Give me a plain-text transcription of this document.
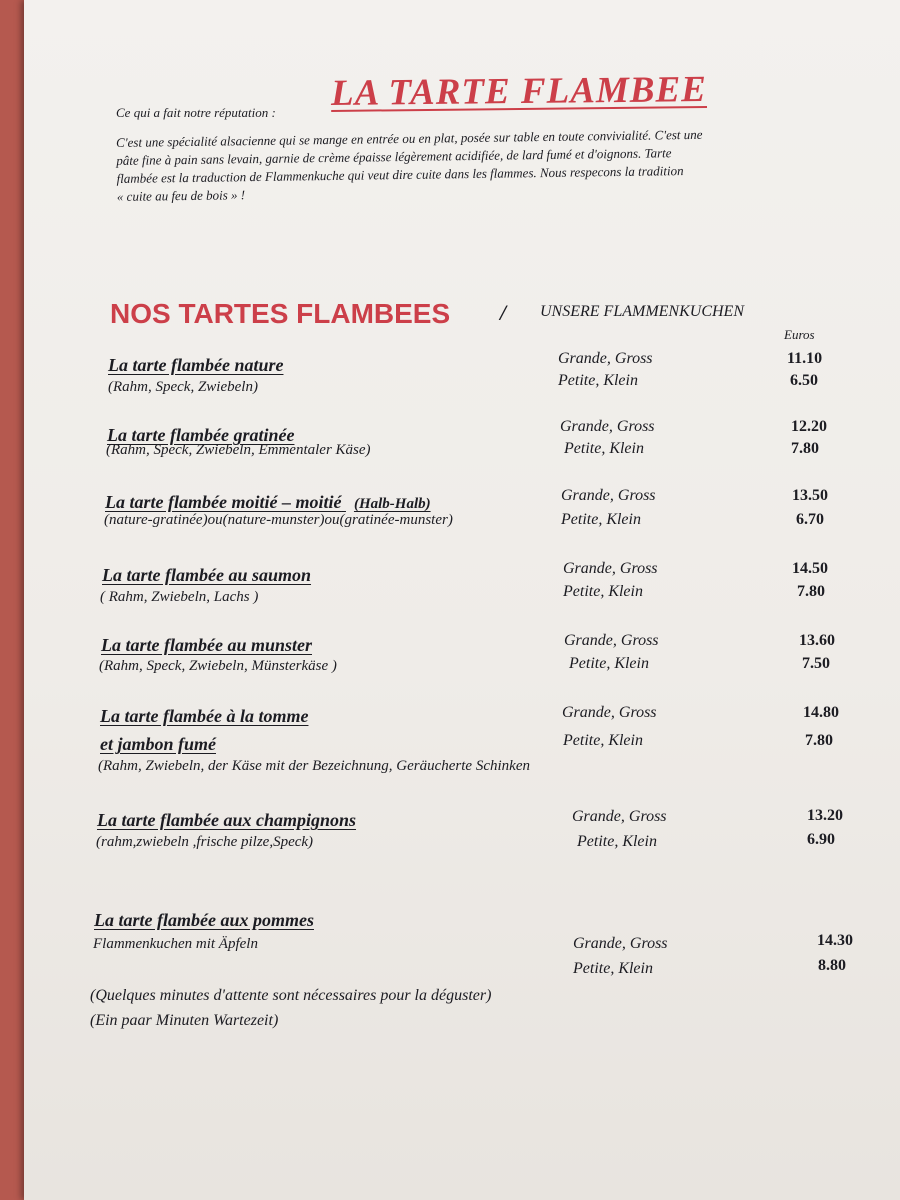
Ce qui a fait notre réputation : LA TARTE FLAMBEE
C'est une spécialité alsacienne qui se mange en entrée ou en plat, posée sur table en toute convivialité. C'est une
pâte fine à pain sans levain, garnie de crème épaisse légèrement acidifiée, de lard fumé et d'oignons. Tarte
flambée est la traduction de Flammenkuche qui veut dire cuite dans les flammes. Nous respecons la tradition
« cuite au feu de bois » !
NOS TARTES FLAMBEES / UNSERE FLAMMENKUCHEN
Euros
La tarte flambée nature
(Rahm, Speck, Zwiebeln)
Grande, Gross	11.10
Petite, Klein	6.50
La tarte flambée gratinée
(Rahm, Speck, Zwiebeln, Emmentaler Käse)
Grande, Gross	12.20
Petite, Klein	7.80
La tarte flambée moitié – moitié (Halb-Halb)
(nature-gratinée)ou(nature-munster)ou(gratinée-munster)
Grande, Gross	13.50
Petite, Klein	6.70
La tarte flambée au saumon
( Rahm, Zwiebeln, Lachs )
Grande, Gross	14.50
Petite, Klein	7.80
La tarte flambée au munster
(Rahm, Speck, Zwiebeln, Münsterkäse )
Grande, Gross	13.60
Petite, Klein	7.50
La tarte flambée à la tomme
et jambon fumé
(Rahm, Zwiebeln, der Käse mit der Bezeichnung, Geräucherte Schinken
Grande, Gross	14.80
Petite, Klein	7.80
La tarte flambée aux champignons
(rahm,zwiebeln ,frische pilze,Speck)
Grande, Gross	13.20
Petite, Klein	6.90
La tarte flambée aux pommes
Flammenkuchen mit Äpfeln	Grande, Gross	14.30
Petite, Klein	8.80
(Quelques minutes d'attente sont nécessaires pour la déguster)
(Ein paar Minuten Wartezeit)
